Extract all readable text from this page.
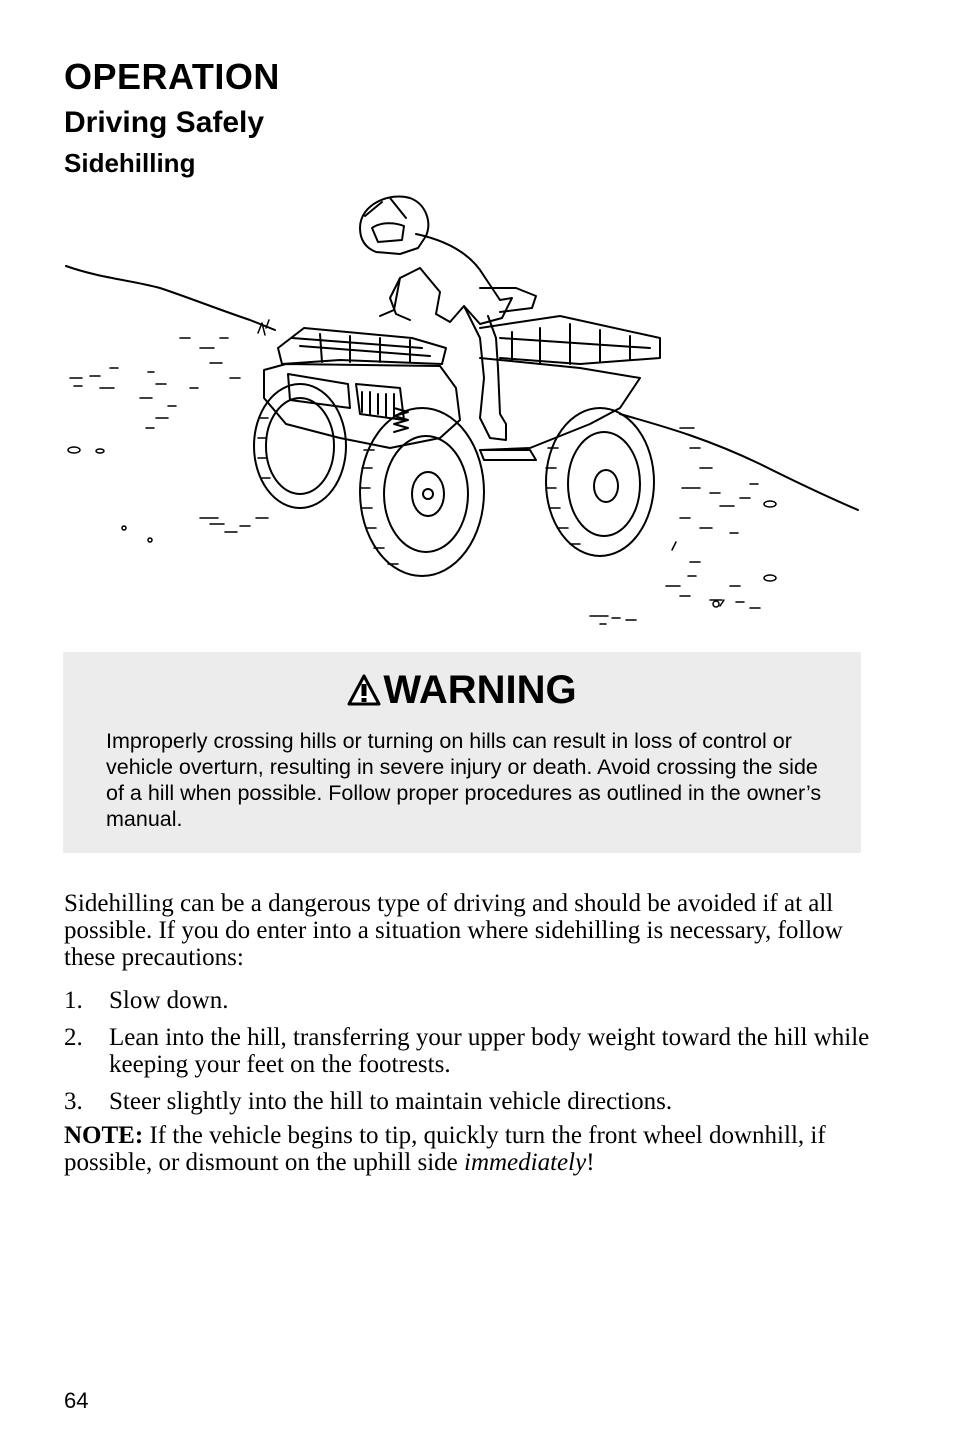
OPERATION
Driving Safely
Sidehilling
WARNING
Improperly crossing hills or turning on hills can result in loss of control or vehicle overturn, resulting in severe injury or death. Avoid crossing the side of a hill when possible. Follow proper procedures as outlined in the owner’s manual.
Sidehilling can be a dangerous type of driving and should be avoided if at all possible. If you do enter into a situation where sidehilling is necessary, follow these precautions:
1. Slow down.
2. Lean into the hill, transferring your upper body weight toward the hill while keeping your feet on the footrests.
3. Steer slightly into the hill to maintain vehicle directions.
NOTE: If the vehicle begins to tip, quickly turn the front wheel downhill, if possible, or dismount on the uphill side immediately!
64
